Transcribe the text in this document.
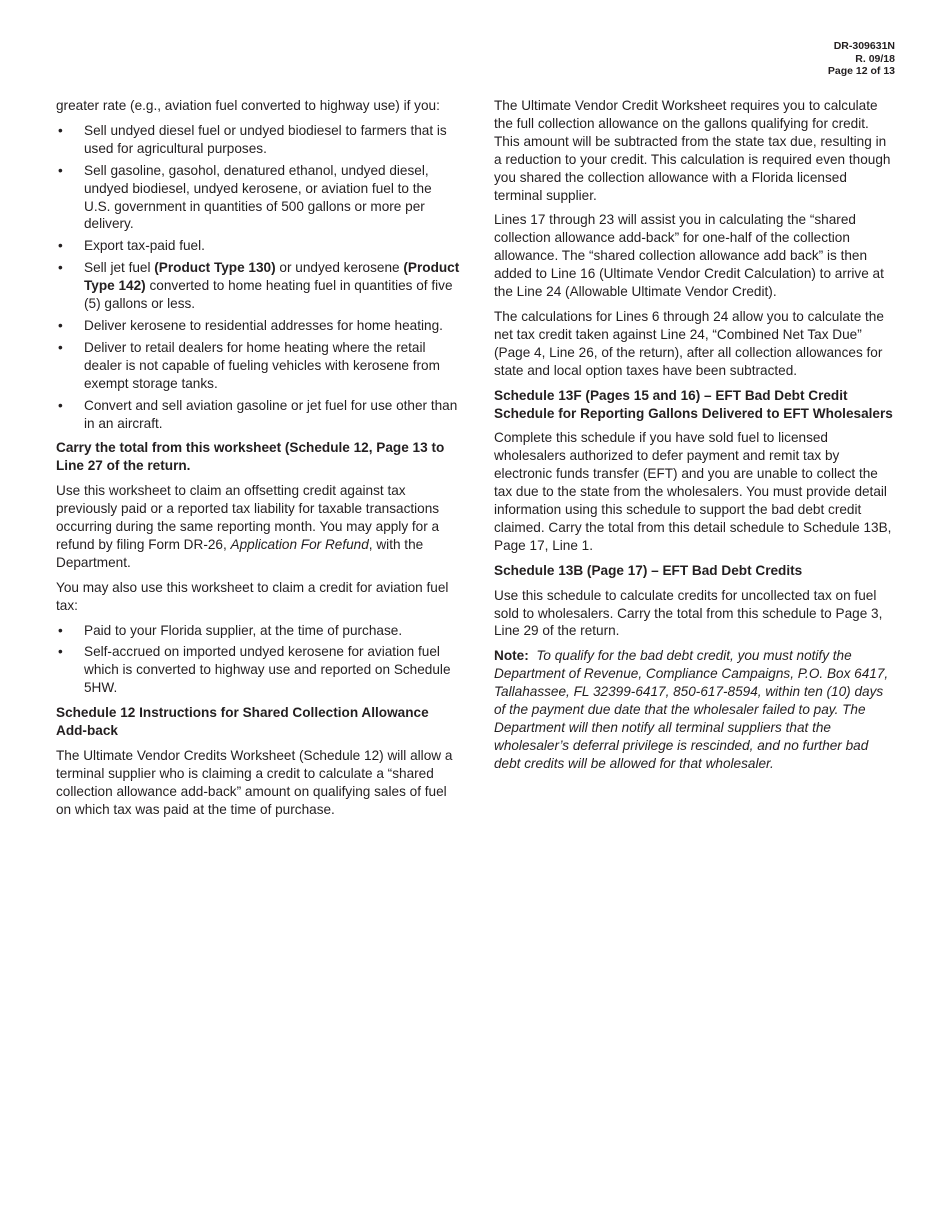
DR-309631N
R. 09/18
Page 12 of 13

greater rate (e.g., aviation fuel converted to highway use) if you:

• Sell undyed diesel fuel or undyed biodiesel to farmers that is used for agricultural purposes.
• Sell gasoline, gasohol, denatured ethanol, undyed diesel, undyed biodiesel, undyed kerosene, or aviation fuel to the U.S. government in quantities of 500 gallons or more per delivery.
• Export tax-paid fuel.
• Sell jet fuel (Product Type 130) or undyed kerosene (Product Type 142) converted to home heating fuel in quantities of five (5) gallons or less.
• Deliver kerosene to residential addresses for home heating.
• Deliver to retail dealers for home heating where the retail dealer is not capable of fueling vehicles with kerosene from exempt storage tanks.
• Convert and sell aviation gasoline or jet fuel for use other than in an aircraft.
Carry the total from this worksheet (Schedule 12, Page 13 to Line 27 of the return.

Use this worksheet to claim an offsetting credit against tax previously paid or a reported tax liability for taxable transactions occurring during the same reporting month. You may apply for a refund by filing Form DR-26, Application For Refund, with the Department.

You may also use this worksheet to claim a credit for aviation fuel tax:

• Paid to your Florida supplier, at the time of purchase.
• Self-accrued on imported undyed kerosene for aviation fuel which is converted to highway use and reported on Schedule 5HW.
Schedule 12 Instructions for Shared Collection Allowance Add-back

The Ultimate Vendor Credits Worksheet (Schedule 12) will allow a terminal supplier who is claiming a credit to calculate a “shared collection allowance add-back” amount on qualifying sales of fuel on which tax was paid at the time of purchase.

The Ultimate Vendor Credit Worksheet requires you to calculate the full collection allowance on the gallons qualifying for credit. This amount will be subtracted from the state tax due, resulting in a reduction to your credit. This calculation is required even though you shared the collection allowance with a Florida licensed terminal supplier.

Lines 17 through 23 will assist you in calculating the “shared collection allowance add-back” for one-half of the collection allowance. The “shared collection allowance add back” is then added to Line 16 (Ultimate Vendor Credit Calculation) to arrive at the Line 24 (Allowable Ultimate Vendor Credit).

The calculations for Lines 6 through 24 allow you to calculate the net tax credit taken against Line 24, “Combined Net Tax Due” (Page 4, Line 26, of the return), after all collection allowances for state and local option taxes have been subtracted.

Schedule 13F (Pages 15 and 16) – EFT Bad Debt Credit Schedule for Reporting Gallons Delivered to EFT Wholesalers

Complete this schedule if you have sold fuel to licensed wholesalers authorized to defer payment and remit tax by electronic funds transfer (EFT) and you are unable to collect the tax due to the state from the wholesalers. You must provide detail information using this schedule to support the bad debt credit claimed. Carry the total from this detail schedule to Schedule 13B, Page 17, Line 1.

Schedule 13B (Page 17) – EFT Bad Debt Credits

Use this schedule to calculate credits for uncollected tax on fuel sold to wholesalers. Carry the total from this schedule to Page 3, Line 29 of the return.

Note: To qualify for the bad debt credit, you must notify the Department of Revenue, Compliance Campaigns, P.O. Box 6417, Tallahassee, FL 32399-6417, 850-617-8594, within ten (10) days of the payment due date that the wholesaler failed to pay. The Department will then notify all terminal suppliers that the wholesaler’s deferral privilege is rescinded, and no further bad debt credits will be allowed for that wholesaler.
